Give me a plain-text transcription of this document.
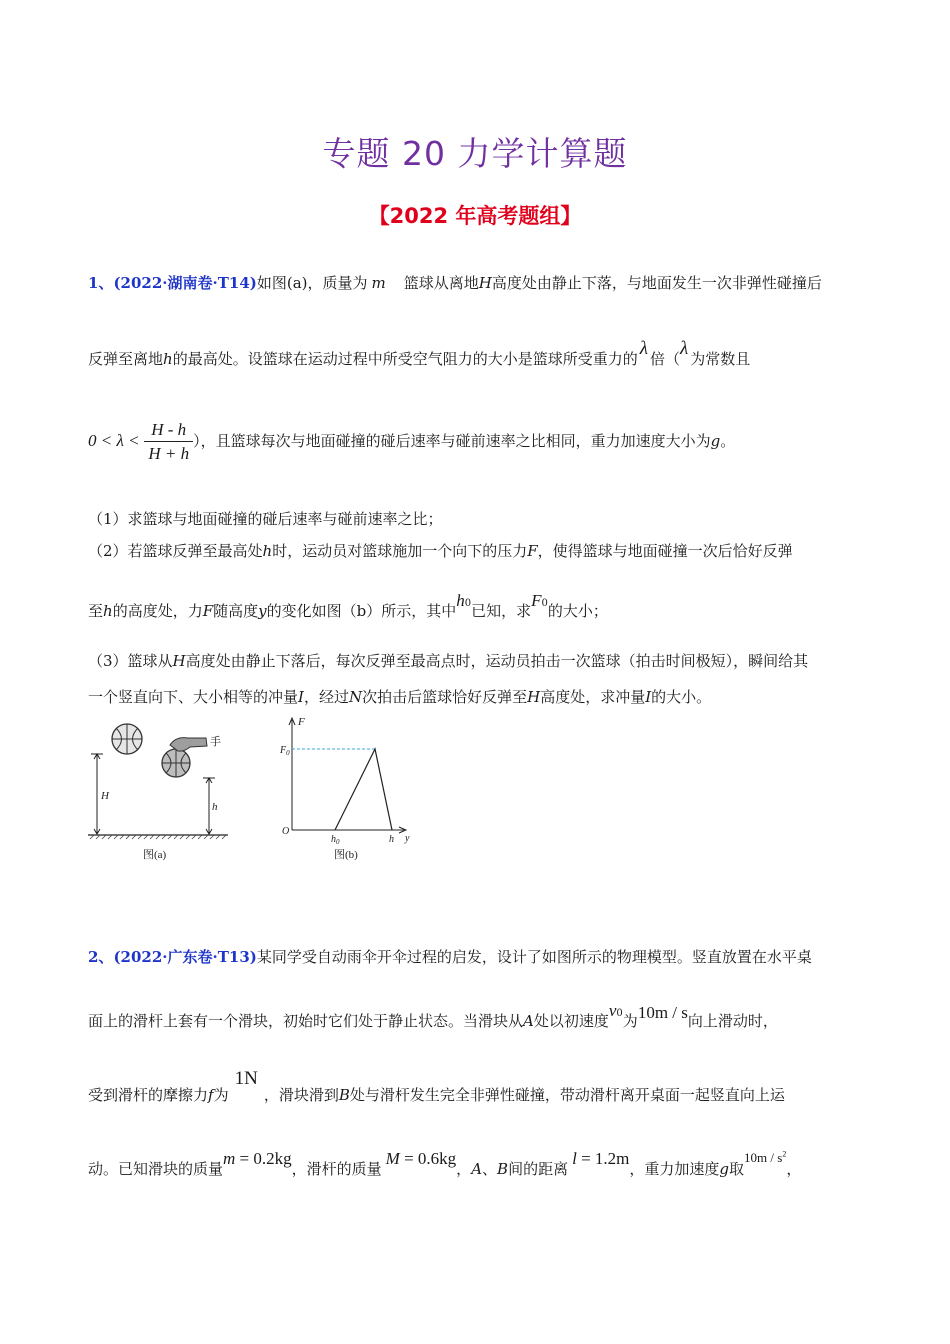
专题 20 力学计算题
【2022 年高考题组】
1、(2022·湖南卷·T14)如图(a)，质量为 m 篮球从离地H高度处由静止下落，与地面发生一次非弹性碰撞后
反弹至离地h的最高处。设篮球在运动过程中所受空气阻力的大小是篮球所受重力的 λ 倍（λ 为常数且
$0 < \lambda < \frac{H - h}{H + h}$ ），且篮球每次与地面碰撞的碰后速率与碰前速率之比相同，重力加速度大小为g。
（1）求篮球与地面碰撞的碰后速率与碰前速率之比；
（2）若篮球反弹至最高处h时，运动员对篮球施加一个向下的压力F，使得篮球与地面碰撞一次后恰好反弹
至h的高度处，力F随高度y的变化如图（b）所示，其中h0已知，求F0的大小；
（3）篮球从H高度处由静止下落后，每次反弹至最高点时，运动员拍击一次篮球（拍击时间极短），瞬间给其
一个竖直向下、大小相等的冲量I，经过N次拍击后篮球恰好反弹至H高度处，求冲量I的大小。
手
H
h
图(a)
F
$F_0$
O
$h_0$	h y
图(b)
2、(2022·广东卷·T13)某同学受自动雨伞开伞过程的启发，设计了如图所示的物理模型。竖直放置在水平桌
面上的滑杆上套有一个滑块，初始时它们处于静止状态。当滑块从A处以初速度v0为10m / s向上滑动时，
受到滑杆的摩擦力f为1N，滑块滑到B处与滑杆发生完全非弹性碰撞，带动滑杆离开桌面一起竖直向上运
动。已知滑块的质量m = 0.2kg，滑杆的质量M = 0.6kg，A、B间的距离l = 1.2m，重力加速度g取$10m / s^2$，
